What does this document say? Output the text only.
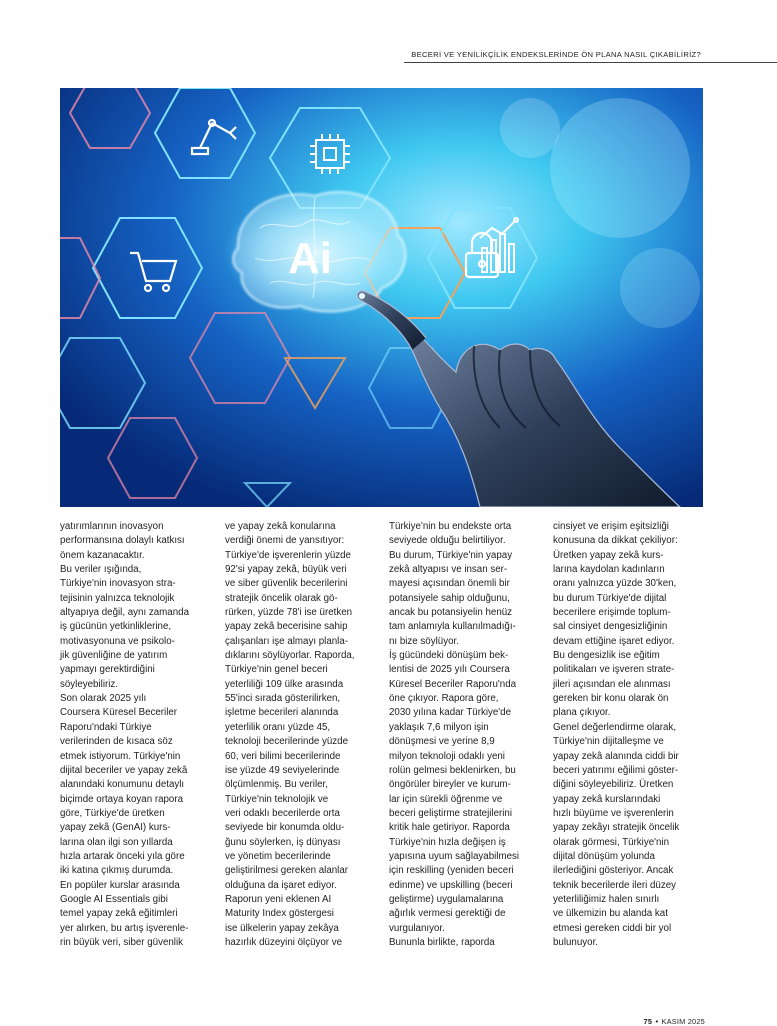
BECERİ VE YENİLİKÇİLİK ENDEKSLERİNDE ÖN PLANA NASIL ÇIKABİLİRİZ?
Ai

yatırımlarının inovasyon
performansına dolaylı katkısı
önem kazanacaktır.
Bu veriler ışığında,
Türkiye'nin inovasyon stra-
tejisinin yalnızca teknolojik
altyapıya değil, aynı zamanda
iş gücünün yetkinliklerine,
motivasyonuna ve psikolo-
jik güvenliğine de yatırım
yapmayı gerektirdiğini
söyleyebiliriz.
Son olarak 2025 yılı
Coursera Küresel Beceriler
Raporu'ndaki Türkiye
verilerinden de kısaca söz
etmek istiyorum. Türkiye'nin
dijital beceriler ve yapay zekâ
alanındaki konumunu detaylı
biçimde ortaya koyan rapora
göre, Türkiye'de üretken
yapay zekâ (GenAI) kurs-
larına olan ilgi son yıllarda
hızla artarak önceki yıla göre
iki katına çıkmış durumda.
En popüler kurslar arasında
Google AI Essentials gibi
temel yapay zekâ eğitimleri
yer alırken, bu artış işverenle-
rin büyük veri, siber güvenlik

ve yapay zekâ konularına
verdiği önemi de yansıtıyor:
Türkiye'de işverenlerin yüzde
92'si yapay zekâ, büyük veri
ve siber güvenlik becerilerini
stratejik öncelik olarak gö-
rürken, yüzde 78'i ise üretken
yapay zekâ becerisine sahip
çalışanları işe almayı planla-
dıklarını söylüyorlar. Raporda,
Türkiye'nin genel beceri
yeterliliği 109 ülke arasında
55'inci sırada gösterilirken,
işletme becerileri alanında
yeterlilik oranı yüzde 45,
teknoloji becerilerinde yüzde
60, veri bilimi becerilerinde
ise yüzde 49 seviyelerinde
ölçümlenmiş. Bu veriler,
Türkiye'nin teknolojik ve
veri odaklı becerilerde orta
seviyede bir konumda oldu-
ğunu söylerken, iş dünyası
ve yönetim becerilerinde
geliştirilmesi gereken alanlar
olduğuna da işaret ediyor.
Raporun yeni eklenen AI
Maturity Index göstergesi
ise ülkelerin yapay zekâya
hazırlık düzeyini ölçüyor ve

Türkiye'nin bu endekste orta
seviyede olduğu belirtiliyor.
Bu durum, Türkiye'nin yapay
zekâ altyapısı ve insan ser-
mayesi açısından önemli bir
potansiyele sahip olduğunu,
ancak bu potansiyelin henüz
tam anlamıyla kullanılmadığı-
nı bize söylüyor.
İş gücündeki dönüşüm bek-
lentisi de 2025 yılı Coursera
Küresel Beceriler Raporu'nda
öne çıkıyor. Rapora göre,
2030 yılına kadar Türkiye'de
yaklaşık 7,6 milyon işin
dönüşmesi ve yerine 8,9
milyon teknoloji odaklı yeni
rolün gelmesi beklenirken, bu
öngörüler bireyler ve kurum-
lar için sürekli öğrenme ve
beceri geliştirme stratejilerini
kritik hale getiriyor. Raporda
Türkiye'nin hızla değişen iş
yapısına uyum sağlayabilmesi
için reskilling (yeniden beceri
edinme) ve upskilling (beceri
geliştirme) uygulamalarına
ağırlık vermesi gerektiği de
vurgulanıyor.
Bununla birlikte, raporda

cinsiyet ve erişim eşitsizliği
konusuna da dikkat çekiliyor:
Üretken yapay zekâ kurs-
larına kaydolan kadınların
oranı yalnızca yüzde 30'ken,
bu durum Türkiye'de dijital
becerilere erişimde toplum-
sal cinsiyet dengesizliğinin
devam ettiğine işaret ediyor.
Bu dengesizlik ise eğitim
politikaları ve işveren strate-
jileri açısından ele alınması
gereken bir konu olarak ön
plana çıkıyor.
Genel değerlendirme olarak,
Türkiye'nin dijitalleşme ve
yapay zekâ alanında ciddi bir
beceri yatırımı eğilimi göster-
diğini söyleyebiliriz. Üretken
yapay zekâ kurslarındaki
hızlı büyüme ve işverenlerin
yapay zekâyı stratejik öncelik
olarak görmesi, Türkiye'nin
dijital dönüşüm yolunda
ilerlediğini gösteriyor. Ancak
teknik becerilerde ileri düzey
yeterliliğimiz halen sınırlı
ve ülkemizin bu alanda kat
etmesi gereken ciddi bir yol
bulunuyor.

75 • KASIM 2025
